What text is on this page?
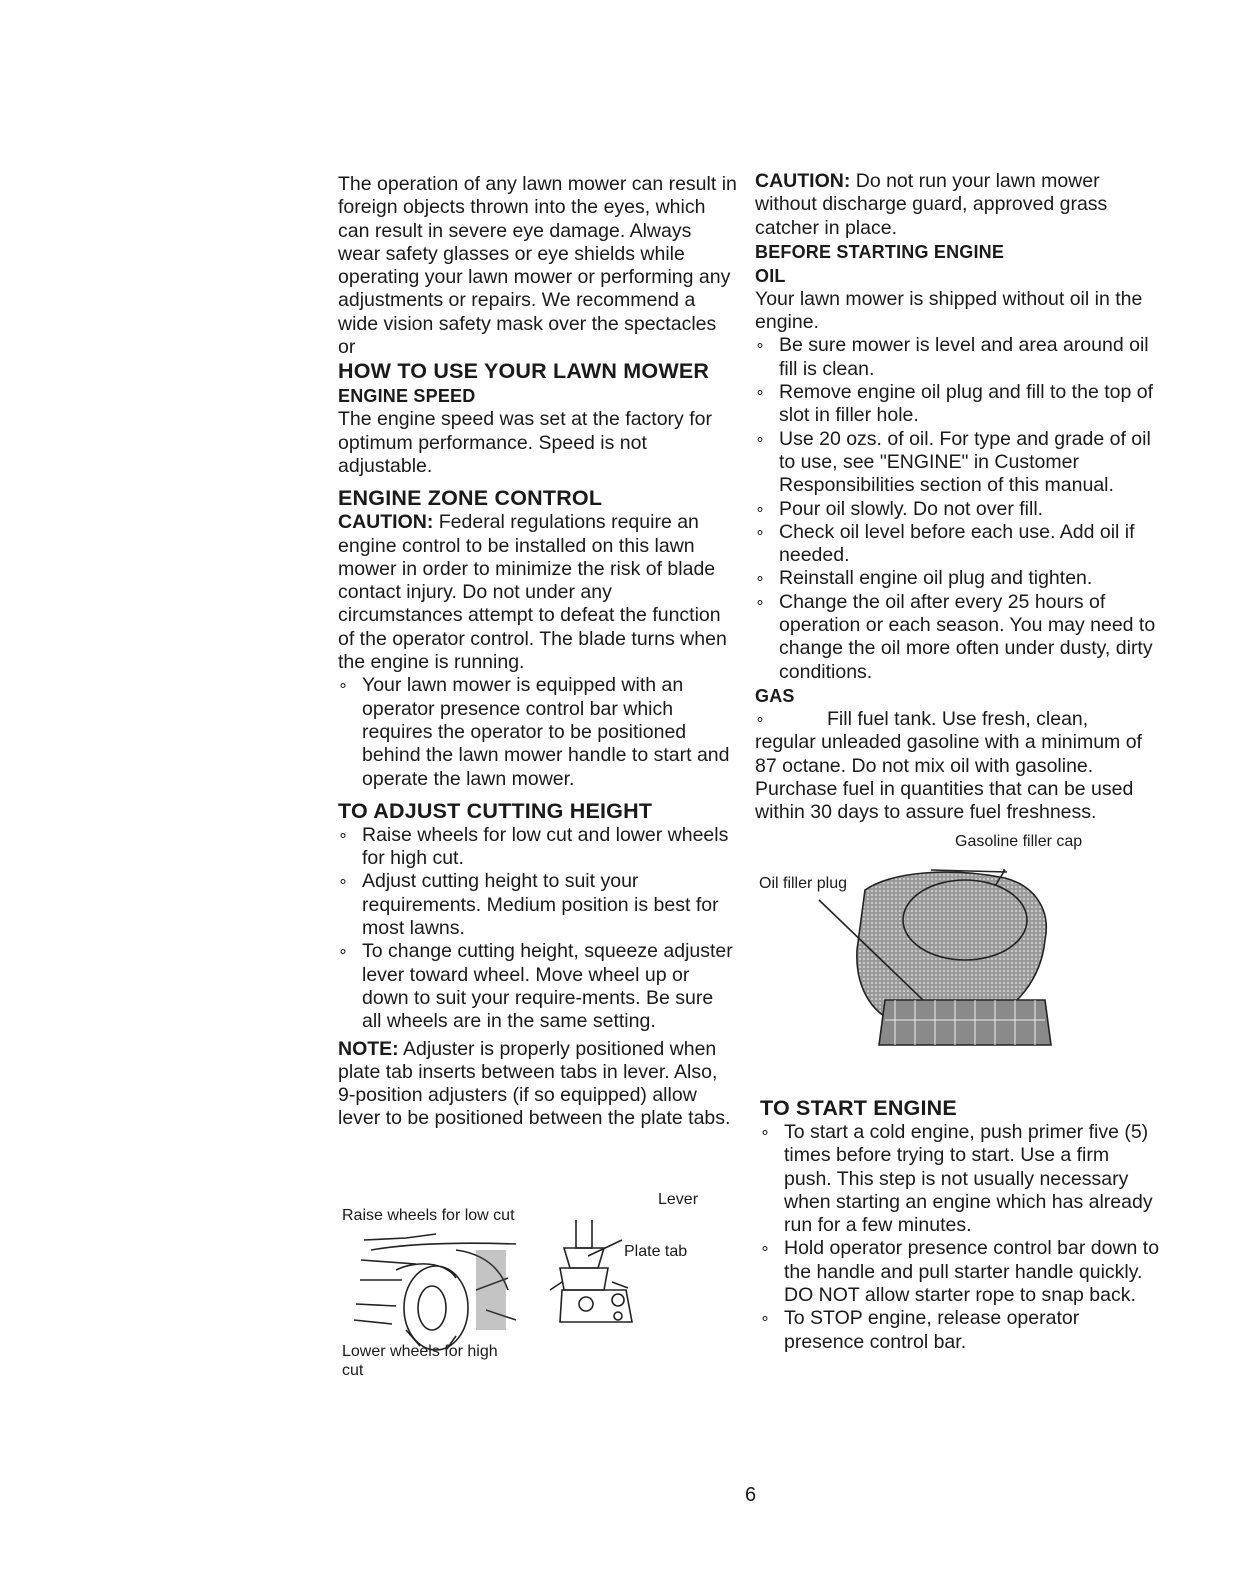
The operation of any lawn mower can result in foreign objects thrown into the eyes, which can result in severe eye damage. Always wear safety glasses or eye shields while operating your lawn mower or performing any adjustments or repairs. We recommend a wide vision safety mask over the spectacles or

HOW TO USE YOUR LAWN MOWER
ENGINE SPEED

The engine speed was set at the factory for optimum performance. Speed is not adjustable.

ENGINE ZONE CONTROL

CAUTION: Federal regulations require an engine control to be installed on this lawn mower in order to minimize the risk of blade contact injury. Do not under any circumstances attempt to defeat the function of the operator control. The blade turns when the engine is running.

∘ Your lawn mower is equipped with an operator presence control bar which requires the operator to be positioned behind the lawn mower handle to start and operate the lawn mower.
TO ADJUST CUTTING HEIGHT
∘ Raise wheels for low cut and lower wheels for high cut.
∘ Adjust cutting height to suit your requirements. Medium position is best for most lawns.
∘ To change cutting height, squeeze adjuster lever toward wheel. Move wheel up or down to suit your require-ments. Be sure all wheels are in the same setting.

NOTE: Adjuster is properly positioned when plate tab inserts between tabs in lever. Also, 9-position adjusters (if so equipped) allow lever to be positioned between the plate tabs.

Raise wheels for low cut
Lever
Plate tab
Lower wheels for high cut

CAUTION: Do not run your lawn mower without discharge guard, approved grass catcher in place.

BEFORE STARTING ENGINE
OIL

Your lawn mower is shipped without oil in the engine.

∘ Be sure mower is level and area around oil fill is clean.
∘ Remove engine oil plug and fill to the top of slot in filler hole.
∘ Use 20 ozs. of oil. For type and grade of oil to use, see "ENGINE" in Customer Responsibilities section of this manual.
∘ Pour oil slowly. Do not over fill.
∘ Check oil level before each use. Add oil if needed.
∘ Reinstall engine oil plug and tighten.
∘ Change the oil after every 25 hours of operation or each season. You may need to change the oil more often under dusty, dirty conditions.
GAS
∘ Fill fuel tank. Use fresh, clean,

regular unleaded gasoline with a minimum of 87 octane. Do not mix oil with gasoline. Purchase fuel in quantities that can be used within 30 days to assure fuel freshness.

Gasoline filler cap
Oil filler plug
TO START ENGINE
∘ To start a cold engine, push primer five (5) times before trying to start. Use a firm push. This step is not usually necessary when starting an engine which has already run for a few minutes.
∘ Hold operator presence control bar down to the handle and pull starter handle quickly. DO NOT allow starter rope to snap back.
∘ To STOP engine, release operator presence control bar.
6
